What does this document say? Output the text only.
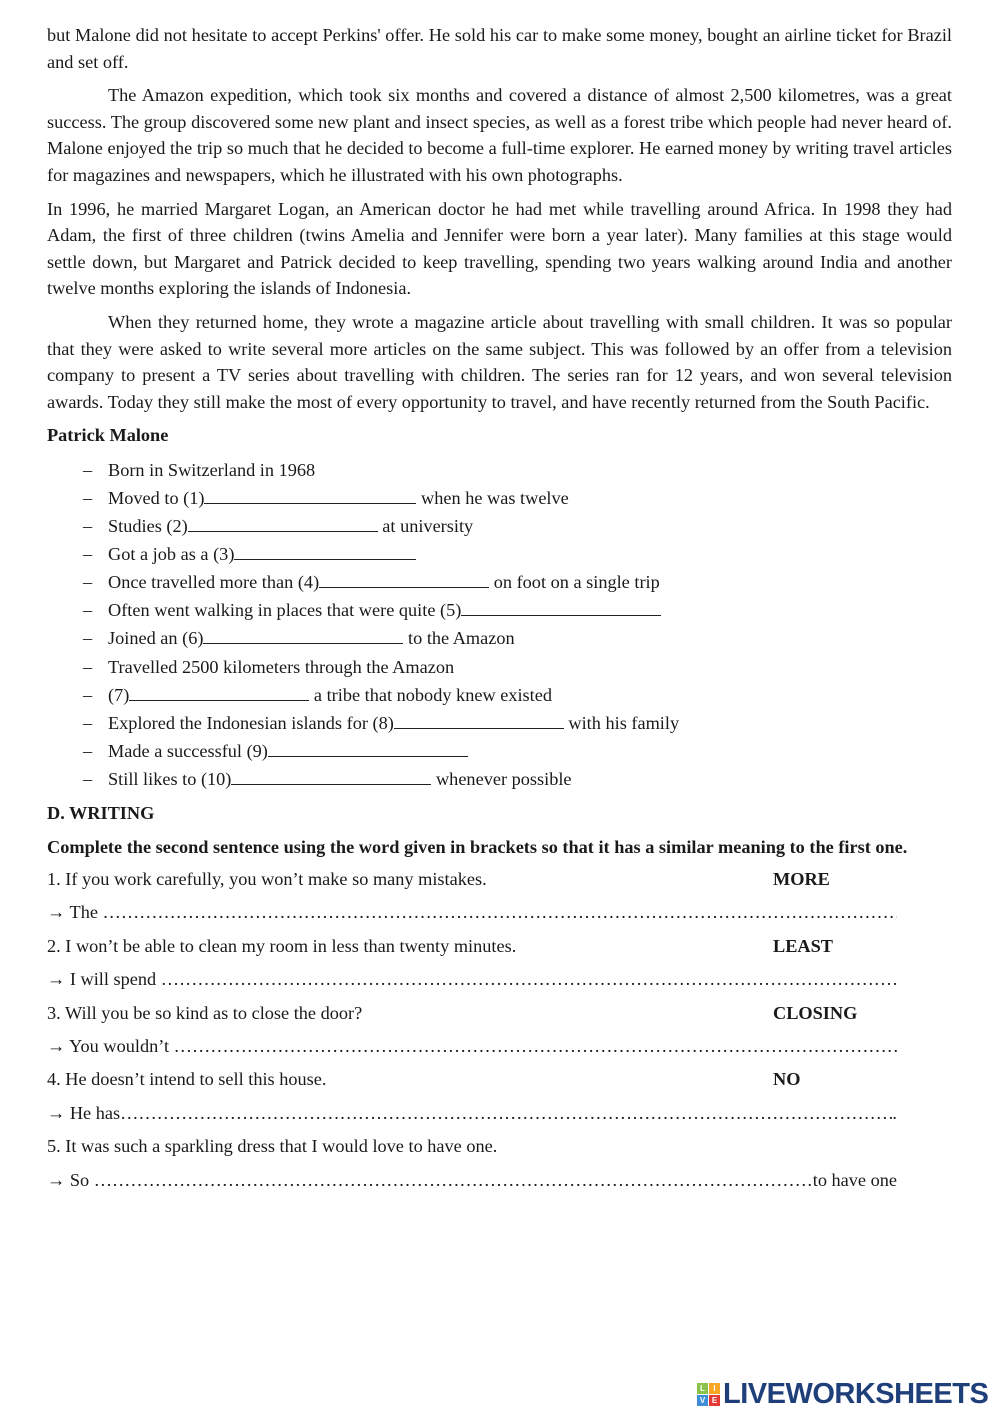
but Malone did not hesitate to accept Perkins' offer. He sold his car to make some money, bought an airline ticket for Brazil and set off.

The Amazon expedition, which took six months and covered a distance of almost 2,500 kilometres, was a great success. The group discovered some new plant and insect species, as well as a forest tribe which people had never heard of. Malone enjoyed the trip so much that he decided to become a full-time explorer. He earned money by writing travel articles for magazines and newspapers, which he illustrated with his own photographs.

In 1996, he married Margaret Logan, an American doctor he had met while travelling around Africa. In 1998 they had Adam, the first of three children (twins Amelia and Jennifer were born a year later). Many families at this stage would settle down, but Margaret and Patrick decided to keep travelling, spending two years walking around India and another twelve months exploring the islands of Indonesia.

When they returned home, they wrote a magazine article about travelling with small children. It was so popular that they were asked to write several more articles on the same subject. This was followed by an offer from a television company to present a TV series about travelling with children. The series ran for 12 years, and won several television awards. Today they still make the most of every opportunity to travel, and have recently returned from the South Pacific.

Patrick Malone
– Born in Switzerland in 1968
– Moved to (1)	when he was twelve
– Studies (2)	at university
– Got a job as a (3)
– Once travelled more than (4)	on foot on a single trip
– Often went walking in places that were quite (5)
– Joined an (6)	to the Amazon
– Travelled 2500 kilometers through the Amazon
– (7)	a tribe that nobody knew existed
– Explored the Indonesian islands for (8)	with his family
– Made a successful (9)
– Still likes to (10)	whenever possible
D. WRITING
Complete the second sentence using the word given in brackets so that it has a similar meaning to the first one.
1. If you work carefully, you won’t make so many mistakes.	MORE
→ The

……………………………………………………………………………………………………………………………………………………………………
2. I won’t be able to clean my room in less than twenty minutes.	LEAST
→ I will spend

……………………………………………………………………………………………………………………………………………………………………
3. Will you be so kind as to close the door?	CLOSING
→ You wouldn’t

……………………………………………………………………………………………………………………………………………………………………
4. He doesn’t intend to sell this house.	NO
→ He has ……………………………………………………………………………………………………………………………………………………………………	.
5. It was such a sparkling dress that I would love to have one.
→ So
……………………………………………………………………………………………………………………………………………………………………	to have one
L	I
V E LIVEWORKSHEETS
